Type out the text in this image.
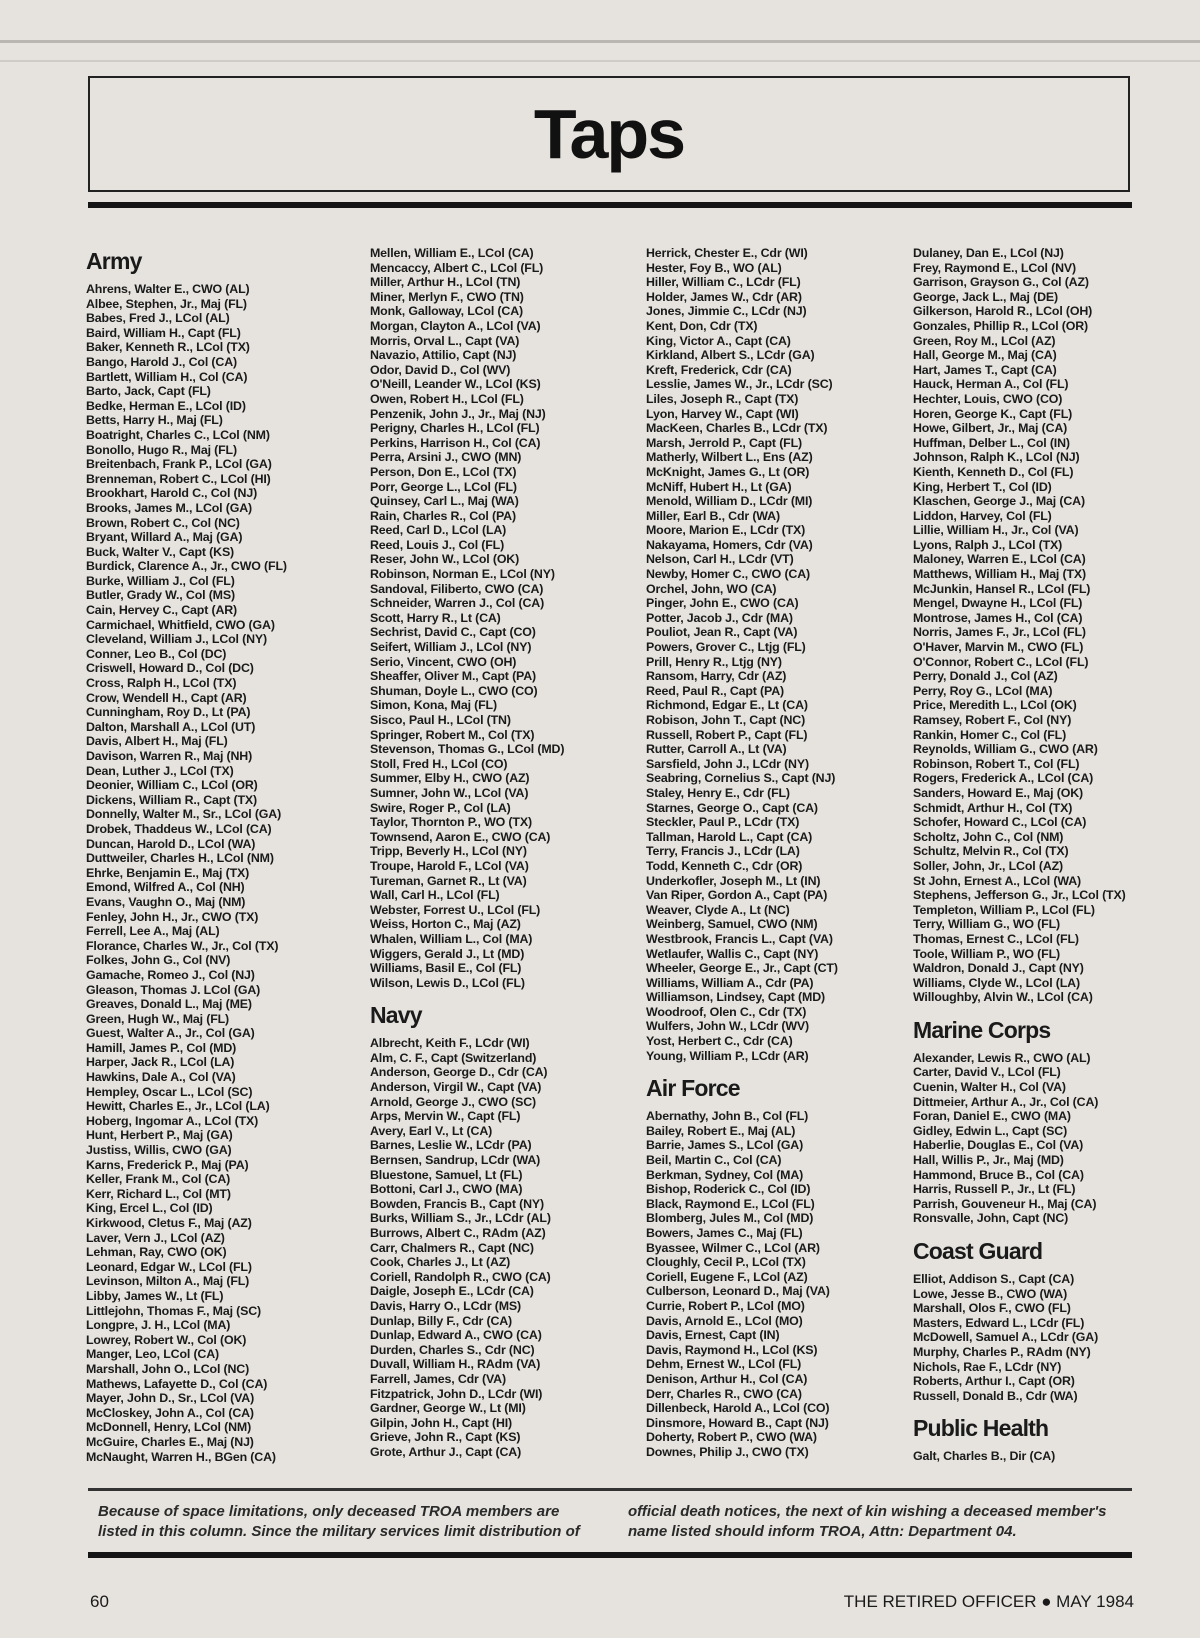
Taps
Army
Ahrens, Walter E., CWO (AL)
Albee, Stephen, Jr., Maj (FL)
Babes, Fred J., LCol (AL)
Baird, William H., Capt (FL)
Baker, Kenneth R., LCol (TX)
Bango, Harold J., Col (CA)
Bartlett, William H., Col (CA)
Barto, Jack, Capt (FL)
Bedke, Herman E., LCol (ID)
Betts, Harry H., Maj (FL)
Boatright, Charles C., LCol (NM)
Bonollo, Hugo R., Maj (FL)
Breitenbach, Frank P., LCol (GA)
Brenneman, Robert C., LCol (HI)
Brookhart, Harold C., Col (NJ)
Brooks, James M., LCol (GA)
Brown, Robert C., Col (NC)
Bryant, Willard A., Maj (GA)
Buck, Walter V., Capt (KS)
Burdick, Clarence A., Jr., CWO (FL)
Burke, William J., Col (FL)
Butler, Grady W., Col (MS)
Cain, Hervey C., Capt (AR)
Carmichael, Whitfield, CWO (GA)
Cleveland, William J., LCol (NY)
Conner, Leo B., Col (DC)
Criswell, Howard D., Col (DC)
Cross, Ralph H., LCol (TX)
Crow, Wendell H., Capt (AR)
Cunningham, Roy D., Lt (PA)
Dalton, Marshall A., LCol (UT)
Davis, Albert H., Maj (FL)
Davison, Warren R., Maj (NH)
Dean, Luther J., LCol (TX)
Deonier, William C., LCol (OR)
Dickens, William R., Capt (TX)
Donnelly, Walter M., Sr., LCol (GA)
Drobek, Thaddeus W., LCol (CA)
Duncan, Harold D., LCol (WA)
Duttweiler, Charles H., LCol (NM)
Ehrke, Benjamin E., Maj (TX)
Emond, Wilfred A., Col (NH)
Evans, Vaughn O., Maj (NM)
Fenley, John H., Jr., CWO (TX)
Ferrell, Lee A., Maj (AL)
Florance, Charles W., Jr., Col (TX)
Folkes, John G., Col (NV)
Gamache, Romeo J., Col (NJ)
Gleason, Thomas J. LCol (GA)
Greaves, Donald L., Maj (ME)
Green, Hugh W., Maj (FL)
Guest, Walter A., Jr., Col (GA)
Hamill, James P., Col (MD)
Harper, Jack R., LCol (LA)
Hawkins, Dale A., Col (VA)
Hempley, Oscar L., LCol (SC)
Hewitt, Charles E., Jr., LCol (LA)
Hoberg, Ingomar A., LCol (TX)
Hunt, Herbert P., Maj (GA)
Justiss, Willis, CWO (GA)
Karns, Frederick P., Maj (PA)
Keller, Frank M., Col (CA)
Kerr, Richard L., Col (MT)
King, Ercel L., Col (ID)
Kirkwood, Cletus F., Maj (AZ)
Laver, Vern J., LCol (AZ)
Lehman, Ray, CWO (OK)
Leonard, Edgar W., LCol (FL)
Levinson, Milton A., Maj (FL)
Libby, James W., Lt (FL)
Littlejohn, Thomas F., Maj (SC)
Longpre, J. H., LCol (MA)
Lowrey, Robert W., Col (OK)
Manger, Leo, LCol (CA)
Marshall, John O., LCol (NC)
Mathews, Lafayette D., Col (CA)
Mayer, John D., Sr., LCol (VA)
McCloskey, John A., Col (CA)
McDonnell, Henry, LCol (NM)
McGuire, Charles E., Maj (NJ)
McNaught, Warren H., BGen (CA)
Mellen, William E., LCol (CA)
Mencaccy, Albert C., LCol (FL)
Miller, Arthur H., LCol (TN)
Miner, Merlyn F., CWO (TN)
Monk, Galloway, LCol (CA)
Morgan, Clayton A., LCol (VA)
Morris, Orval L., Capt (VA)
Navazio, Attilio, Capt (NJ)
Odor, David D., Col (WV)
O'Neill, Leander W., LCol (KS)
Owen, Robert H., LCol (FL)
Penzenik, John J., Jr., Maj (NJ)
Perigny, Charles H., LCol (FL)
Perkins, Harrison H., Col (CA)
Perra, Arsini J., CWO (MN)
Person, Don E., LCol (TX)
Porr, George L., LCol (FL)
Quinsey, Carl L., Maj (WA)
Rain, Charles R., Col (PA)
Reed, Carl D., LCol (LA)
Reed, Louis J., Col (FL)
Reser, John W., LCol (OK)
Robinson, Norman E., LCol (NY)
Sandoval, Filiberto, CWO (CA)
Schneider, Warren J., Col (CA)
Scott, Harry R., Lt (CA)
Sechrist, David C., Capt (CO)
Seifert, William J., LCol (NY)
Serio, Vincent, CWO (OH)
Sheaffer, Oliver M., Capt (PA)
Shuman, Doyle L., CWO (CO)
Simon, Kona, Maj (FL)
Sisco, Paul H., LCol (TN)
Springer, Robert M., Col (TX)
Stevenson, Thomas G., LCol (MD)
Stoll, Fred H., LCol (CO)
Summer, Elby H., CWO (AZ)
Sumner, John W., LCol (VA)
Swire, Roger P., Col (LA)
Taylor, Thornton P., WO (TX)
Townsend, Aaron E., CWO (CA)
Tripp, Beverly H., LCol (NY)
Troupe, Harold F., LCol (VA)
Tureman, Garnet R., Lt (VA)
Wall, Carl H., LCol (FL)
Webster, Forrest U., LCol (FL)
Weiss, Horton C., Maj (AZ)
Whalen, William L., Col (MA)
Wiggers, Gerald J., Lt (MD)
Williams, Basil E., Col (FL)
Wilson, Lewis D., LCol (FL)
Navy
Albrecht, Keith F., LCdr (WI)
Alm, C. F., Capt (Switzerland)
Anderson, George D., Cdr (CA)
Anderson, Virgil W., Capt (VA)
Arnold, George J., CWO (SC)
Arps, Mervin W., Capt (FL)
Avery, Earl V., Lt (CA)
Barnes, Leslie W., LCdr (PA)
Bernsen, Sandrup, LCdr (WA)
Bluestone, Samuel, Lt (FL)
Bottoni, Carl J., CWO (MA)
Bowden, Francis B., Capt (NY)
Burks, William S., Jr., LCdr (AL)
Burrows, Albert C., RAdm (AZ)
Carr, Chalmers R., Capt (NC)
Cook, Charles J., Lt (AZ)
Coriell, Randolph R., CWO (CA)
Daigle, Joseph E., LCdr (CA)
Davis, Harry O., LCdr (MS)
Dunlap, Billy F., Cdr (CA)
Dunlap, Edward A., CWO (CA)
Durden, Charles S., Cdr (NC)
Duvall, William H., RAdm (VA)
Farrell, James, Cdr (VA)
Fitzpatrick, John D., LCdr (WI)
Gardner, George W., Lt (MI)
Gilpin, John H., Capt (HI)
Grieve, John R., Capt (KS)
Grote, Arthur J., Capt (CA)
Herrick, Chester E., Cdr (WI)
Hester, Foy B., WO (AL)
Hiller, William C., LCdr (FL)
Holder, James W., Cdr (AR)
Jones, Jimmie C., LCdr (NJ)
Kent, Don, Cdr (TX)
King, Victor A., Capt (CA)
Kirkland, Albert S., LCdr (GA)
Kreft, Frederick, Cdr (CA)
Lesslie, James W., Jr., LCdr (SC)
Liles, Joseph R., Capt (TX)
Lyon, Harvey W., Capt (WI)
MacKeen, Charles B., LCdr (TX)
Marsh, Jerrold P., Capt (FL)
Matherly, Wilbert L., Ens (AZ)
McKnight, James G., Lt (OR)
McNiff, Hubert H., Lt (GA)
Menold, William D., LCdr (MI)
Miller, Earl B., Cdr (WA)
Moore, Marion E., LCdr (TX)
Nakayama, Homers, Cdr (VA)
Nelson, Carl H., LCdr (VT)
Newby, Homer C., CWO (CA)
Orchel, John, WO (CA)
Pinger, John E., CWO (CA)
Potter, Jacob J., Cdr (MA)
Pouliot, Jean R., Capt (VA)
Powers, Grover C., Ltjg (FL)
Prill, Henry R., Ltjg (NY)
Ransom, Harry, Cdr (AZ)
Reed, Paul R., Capt (PA)
Richmond, Edgar E., Lt (CA)
Robison, John T., Capt (NC)
Russell, Robert P., Capt (FL)
Rutter, Carroll A., Lt (VA)
Sarsfield, John J., LCdr (NY)
Seabring, Cornelius S., Capt (NJ)
Staley, Henry E., Cdr (FL)
Starnes, George O., Capt (CA)
Steckler, Paul P., LCdr (TX)
Tallman, Harold L., Capt (CA)
Terry, Francis J., LCdr (LA)
Todd, Kenneth C., Cdr (OR)
Underkofler, Joseph M., Lt (IN)
Van Riper, Gordon A., Capt (PA)
Weaver, Clyde A., Lt (NC)
Weinberg, Samuel, CWO (NM)
Westbrook, Francis L., Capt (VA)
Wetlaufer, Wallis C., Capt (NY)
Wheeler, George E., Jr., Capt (CT)
Williams, William A., Cdr (PA)
Williamson, Lindsey, Capt (MD)
Woodroof, Olen C., Cdr (TX)
Wulfers, John W., LCdr (WV)
Yost, Herbert C., Cdr (CA)
Young, William P., LCdr (AR)
Air Force
Abernathy, John B., Col (FL)
Bailey, Robert E., Maj (AL)
Barrie, James S., LCol (GA)
Beil, Martin C., Col (CA)
Berkman, Sydney, Col (MA)
Bishop, Roderick C., Col (ID)
Black, Raymond E., LCol (FL)
Blomberg, Jules M., Col (MD)
Bowers, James C., Maj (FL)
Byassee, Wilmer C., LCol (AR)
Cloughly, Cecil P., LCol (TX)
Coriell, Eugene F., LCol (AZ)
Culberson, Leonard D., Maj (VA)
Currie, Robert P., LCol (MO)
Davis, Arnold E., LCol (MO)
Davis, Ernest, Capt (IN)
Davis, Raymond H., LCol (KS)
Dehm, Ernest W., LCol (FL)
Denison, Arthur H., Col (CA)
Derr, Charles R., CWO (CA)
Dillenbeck, Harold A., LCol (CO)
Dinsmore, Howard B., Capt (NJ)
Doherty, Robert P., CWO (WA)
Downes, Philip J., CWO (TX)
Dulaney, Dan E., LCol (NJ)
Frey, Raymond E., LCol (NV)
Garrison, Grayson G., Col (AZ)
George, Jack L., Maj (DE)
Gilkerson, Harold R., LCol (OH)
Gonzales, Phillip R., LCol (OR)
Green, Roy M., LCol (AZ)
Hall, George M., Maj (CA)
Hart, James T., Capt (CA)
Hauck, Herman A., Col (FL)
Hechter, Louis, CWO (CO)
Horen, George K., Capt (FL)
Howe, Gilbert, Jr., Maj (CA)
Huffman, Delber L., Col (IN)
Johnson, Ralph K., LCol (NJ)
Kienth, Kenneth D., Col (FL)
King, Herbert T., Col (ID)
Klaschen, George J., Maj (CA)
Liddon, Harvey, Col (FL)
Lillie, William H., Jr., Col (VA)
Lyons, Ralph J., LCol (TX)
Maloney, Warren E., LCol (CA)
Matthews, William H., Maj (TX)
McJunkin, Hansel R., LCol (FL)
Mengel, Dwayne H., LCol (FL)
Montrose, James H., Col (CA)
Norris, James F., Jr., LCol (FL)
O'Haver, Marvin M., CWO (FL)
O'Connor, Robert C., LCol (FL)
Perry, Donald J., Col (AZ)
Perry, Roy G., LCol (MA)
Price, Meredith L., LCol (OK)
Ramsey, Robert F., Col (NY)
Rankin, Homer C., Col (FL)
Reynolds, William G., CWO (AR)
Robinson, Robert T., Col (FL)
Rogers, Frederick A., LCol (CA)
Sanders, Howard E., Maj (OK)
Schmidt, Arthur H., Col (TX)
Schofer, Howard C., LCol (CA)
Scholtz, John C., Col (NM)
Schultz, Melvin R., Col (TX)
Soller, John, Jr., LCol (AZ)
St John, Ernest A., LCol (WA)
Stephens, Jefferson G., Jr., LCol (TX)
Templeton, William P., LCol (FL)
Terry, William G., WO (FL)
Thomas, Ernest C., LCol (FL)
Toole, William P., WO (FL)
Waldron, Donald J., Capt (NY)
Williams, Clyde W., LCol (LA)
Willoughby, Alvin W., LCol (CA)
Marine Corps
Alexander, Lewis R., CWO (AL)
Carter, David V., LCol (FL)
Cuenin, Walter H., Col (VA)
Dittmeier, Arthur A., Jr., Col (CA)
Foran, Daniel E., CWO (MA)
Gidley, Edwin L., Capt (SC)
Haberlie, Douglas E., Col (VA)
Hall, Willis P., Jr., Maj (MD)
Hammond, Bruce B., Col (CA)
Harris, Russell P., Jr., Lt (FL)
Parrish, Gouveneur H., Maj (CA)
Ronsvalle, John, Capt (NC)
Coast Guard
Elliot, Addison S., Capt (CA)
Lowe, Jesse B., CWO (WA)
Marshall, Olos F., CWO (FL)
Masters, Edward L., LCdr (FL)
McDowell, Samuel A., LCdr (GA)
Murphy, Charles P., RAdm (NY)
Nichols, Rae F., LCdr (NY)
Roberts, Arthur I., Capt (OR)
Russell, Donald B., Cdr (WA)
Public Health
Galt, Charles B., Dir (CA)
Because of space limitations, only deceased TROA members are listed in this column. Since the military services limit distribution of
official death notices, the next of kin wishing a deceased member's name listed should inform TROA, Attn: Department 04.
60	THE RETIRED OFFICER ● MAY 1984
